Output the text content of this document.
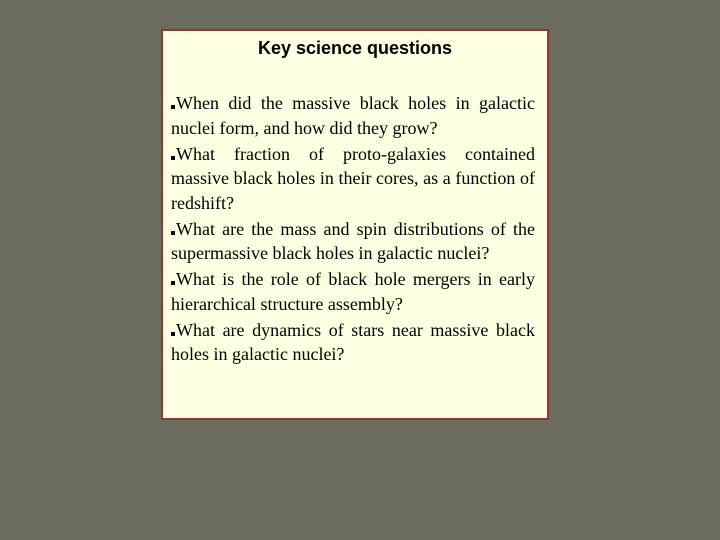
Key science questions
When did the massive black holes in galactic nuclei form, and how did they grow?
What fraction of proto-galaxies contained massive black holes in their cores, as a function of redshift?
What are the mass and spin distributions of the supermassive black holes in galactic nuclei?
What is the role of black hole mergers in early hierarchical structure assembly?
What are dynamics of stars near massive black holes in galactic nuclei?
